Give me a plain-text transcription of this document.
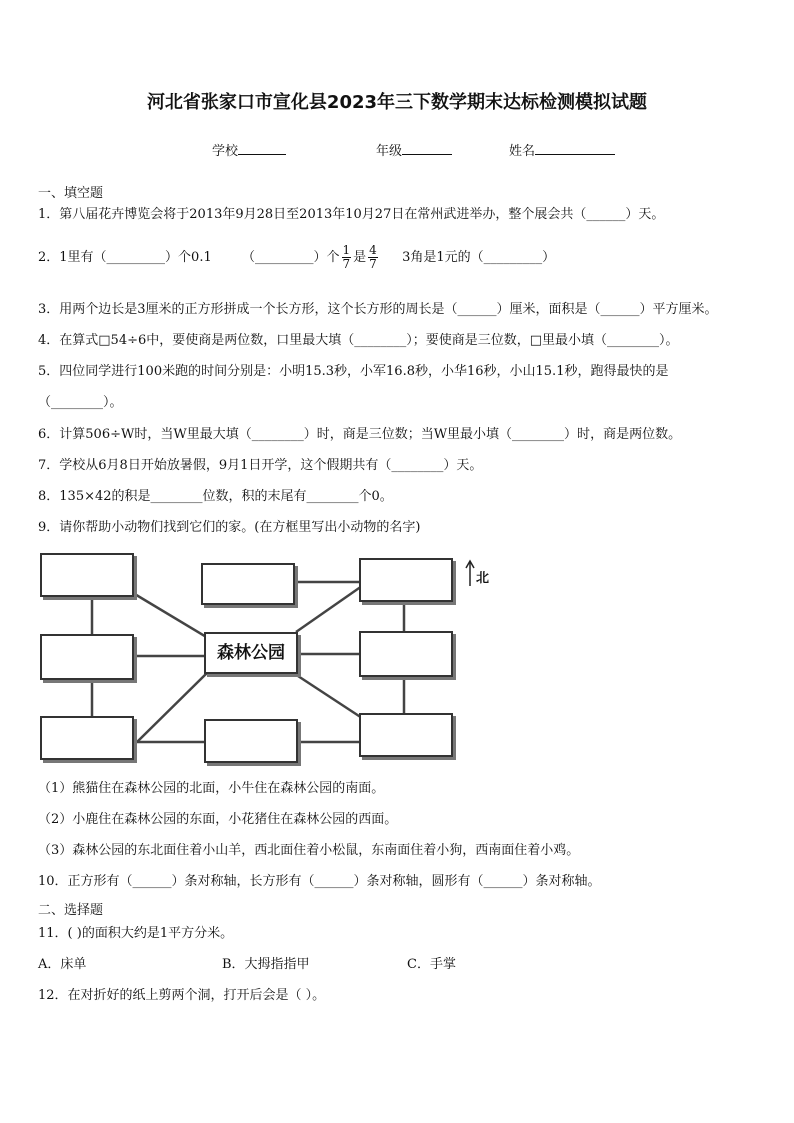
河北省张家口市宣化县2023年三下数学期末达标检测模拟试题
学校	年级	姓名
一、填空题
1．第八届花卉博览会将于2013年9月28日至2013年10月27日在常州武进举办，整个展会共（______）天。
2．1里有（_________）个0.1 （_________）个 $\frac{1}{7}$ 是 $\frac{4}{7} 3$角是1元的（_________）
3．用两个边长是3厘米的正方形拼成一个长方形，这个长方形的周长是（______）厘米，面积是（______）平方厘米。
4．在算式□54÷6中，要使商是两位数，口里最大填（________）；要使商是三位数，□里最小填（________）。
5．四位同学进行100米跑的时间分别是：小明15.3秒，小军16.8秒，小华16秒，小山15.1秒，跑得最快的是
（________）。
6．计算506÷W时，当W里最大填（________）时，商是三位数；当W里最小填（________）时，商是两位数。
7．学校从6月8日开始放暑假，9月1日开学，这个假期共有（________）天。
8．135×42的积是________位数，积的末尾有________个0。
9．请你帮助小动物们找到它们的家。(在方框里写出小动物的名字)
森林公园
北
（1）熊猫住在森林公园的北面，小牛住在森林公园的南面。
（2）小鹿住在森林公园的东面，小花猪住在森林公园的西面。
（3）森林公园的东北面住着小山羊，西北面住着小松鼠，东南面住着小狗，西南面住着小鸡。
10．正方形有（______）条对称轴，长方形有（______）条对称轴，圆形有（______）条对称轴。
二、选择题
11．( )的面积大约是1平方分米。
A．床单	B．大拇指指甲	C．手掌
12．在对折好的纸上剪两个洞，打开后会是（ ）。
